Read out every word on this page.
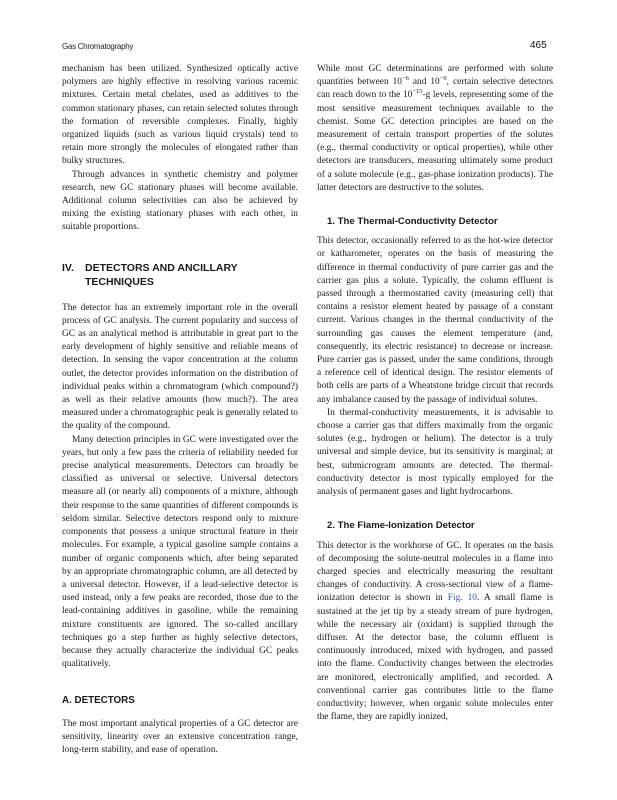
Gas Chromatography	465

mechanism has been utilized. Synthesized optically active polymers are highly effective in resolving various racemic mixtures. Certain metal chelates, used as additives to the common stationary phases, can retain selected solutes through the formation of reversible complexes. Finally, highly organized liquids (such as various liquid crystals) tend to retain more strongly the molecules of elongated rather than bulky structures.

Through advances in synthetic chemistry and polymer research, new GC stationary phases will become available. Additional column selectivities can also be achieved by mixing the existing stationary phases with each other, in suitable proportions.

IV. DETECTORS AND ANCILLARY
TECHNIQUES

The detector has an extremely important role in the overall process of GC analysis. The current popularity and success of GC as an analytical method is attributable in great part to the early development of highly sensitive and reliable means of detection. In sensing the vapor concentration at the column outlet, the detector provides information on the distribution of individual peaks within a chromatogram (which compound?) as well as their relative amounts (how much?). The area measured under a chromatographic peak is generally related to the quality of the compound.

Many detection principles in GC were investigated over the years, but only a few pass the criteria of reliability needed for precise analytical measurements. Detectors can broadly be classified as universal or selective. Universal detectors measure all (or nearly all) components of a mixture, although their response to the same quantities of different compounds is seldom similar. Selective detectors respond only to mixture components that possess a unique structural feature in their molecules. For example, a typical gasoline sample contains a number of organic components which, after being separated by an appropriate chromatographic column, are all detected by a universal detector. However, if a lead-selective detector is used instead, only a few peaks are recorded, those due to the lead-containing additives in gasoline, while the remaining mixture constituents are ignored. The so-called ancillary techniques go a step further as highly selective detectors, because they actually characterize the individual GC peaks qualitatively.

A. DETECTORS

The most important analytical properties of a GC detector are sensitivity, linearity over an extensive concentration range, long-term stability, and ease of operation.

While most GC determinations are performed with solute quantities between $10^{-6}$ and $10^{-9}$, certain selective detectors can reach down to the $10^{-15}-g$ levels, representing some of the most sensitive measurement techniques available to the chemist. Some GC detection principles are based on the measurement of certain transport properties of the solutes (e.g., thermal conductivity or optical properties), while other detectors are transducers, measuring ultimately some product of a solute molecule (e.g., gas-phase ionization products). The latter detectors are destructive to the solutes.

1. The Thermal-Conductivity Detector

This detector, occasionally referred to as the hot-wire detector or katharometer, operates on the basis of measuring the difference in thermal conductivity of pure carrier gas and the carrier gas plus a solute. Typically, the column effluent is passed through a thermostatted cavity (measuring cell) that contains a resistor element heated by passage of a constant current. Various changes in the thermal conductivity of the surrounding gas causes the element temperature (and, consequently, its electric resistance) to decrease or increase. Pure carrier gas is passed, under the same conditions, through a reference cell of identical design. The resistor elements of both cells are parts of a Wheatstone bridge circuit that records any imbalance caused by the passage of individual solutes.

In thermal-conductivity measurements, it is advisable to choose a carrier gas that differs maximally from the organic solutes (e.g., hydrogen or helium). The detector is a truly universal and simple device, but its sensitivity is marginal; at best, submicrogram amounts are detected. The thermal-conductivity detector is most typically employed for the analysis of permanent gases and light hydrocarbons.

2. The Flame-Ionization Detector

This detector is the workhorse of GC. It operates on the basis of decomposing the solute-neutral molecules in a flame into charged species and electrically measuring the resultant changes of conductivity. A cross-sectional view of a flame-ionization detector is shown in Fig. 10. A small flame is sustained at the jet tip by a steady stream of pure hydrogen, while the necessary air (oxidant) is supplied through the diffuser. At the detector base, the column effluent is continuously introduced, mixed with hydrogen, and passed into the flame. Conductivity changes between the electrodes are monitored, electronically amplified, and recorded. A conventional carrier gas contributes little to the flame conductivity; however, when organic solute molecules enter the flame, they are rapidly ionized,
